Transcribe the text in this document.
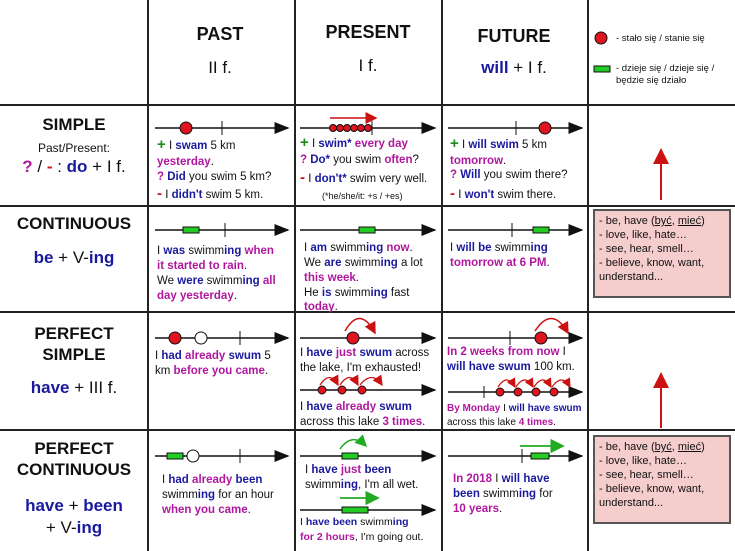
PAST
II f.
PRESENT
I f.
FUTURE
will + I f.
- stało się / stanie się
- dzieje się / dzieje się /
będzie się działo
SIMPLE
Past/Present:
? / - : do + I f.
CONTINUOUS
be + V-ing
PERFECT
SIMPLE
have + III f.
PERFECT
CONTINUOUS
have + been
+ V-ing
+ I swam 5 km
yesterday.
? Did you swim 5 km?
- I didn't swim 5 km.
+ I swim* every day
? Do* you swim often?
- I don't* swim very well.
(*he/she/it: +s / +es)
+ I will swim 5 km
tomorrow.
? Will you swim there?
- I won't swim there.
I was swimming when
it started to rain.
We were swimming all
day yesterday.
I am swimming now.
We are swimming a lot
this week.
He is swimming fast
today.
I will be swimming
tomorrow at 6 PM.
I had already swum 5
km before you came.
I have just swum across
the lake, I'm exhausted!
I have already swum
across this lake 3 times.
In 2 weeks from now I
will have swum 100 km.
By Monday I will have swum
across this lake 4 times.
I had already been
swimming for an hour
when you came.
I have just been
swimming, I'm all wet.
I have been swimming
for 2 hours, I'm going out.
In 2018 I will have
been swimming for
10 years.
- be, have (być, mieć)
- love, like, hate…
- see, hear, smell…
- believe, know, want,
understand...
- be, have (być, mieć)
- love, like, hate…
- see, hear, smell…
- believe, know, want,
understand...
